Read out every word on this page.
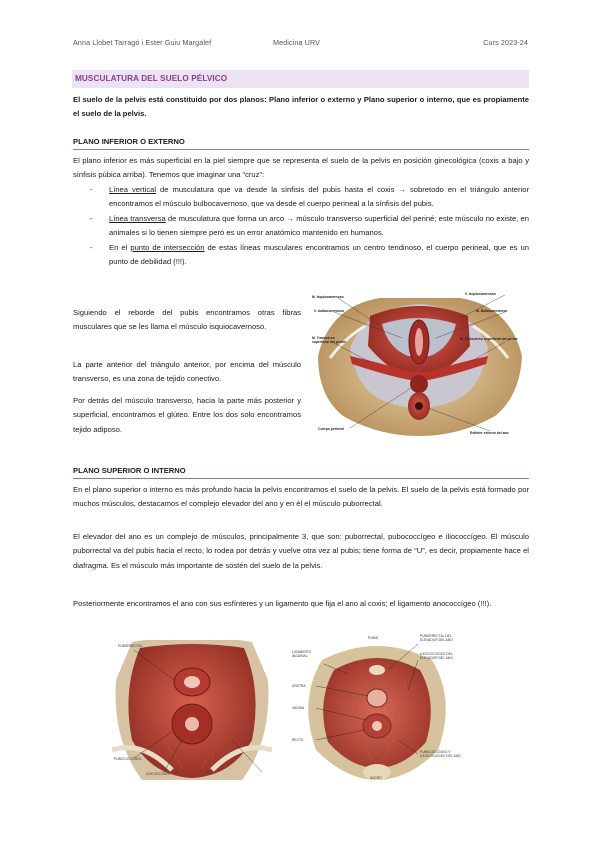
Anna Llobet Tarragó i Ester Guiu Margalef	Medicina URV	Curs 2023-24
MUSCULATURA DEL SUELO PÉLVICO
El suelo de la pelvis está constituido por dos planos: Plano inferior o externo y Plano superior o interno, que es propiamente el suelo de la pelvis.
PLANO INFERIOR O EXTERNO
El plano inferior es más superficial en la piel siempre que se representa el suelo de la pelvis en posición ginecológica (coxis a bajo y sínfisis púbica arriba). Tenemos que imaginar una “cruz”:
- Línea vertical de musculatura que va desde la sínfisis del pubis hasta el coxis → sobretodo en el triángulo anterior encontramos el músculo bulbocavernoso, que va desde el cuerpo perineal a la sínfisis del pubis.
- Línea transversa de musculatura que forma un arco → músculo transverso superficial del periné; este músculo no existe, en animales si lo tienen siempre peró es un error anatómico mantenido en humanos.
- En el punto de intersección de estas líneas musculares encontramos un centro tendinoso, el cuerpo perineal, que es un punto de debilidad (!!!).
Siguiendo el reborde del pubis encontramos otras fibras musculares que se les llama el músculo isquiocavernoso.
La parte anterior del triángulo anterior, por encima del músculo transverso, es una zona de tejido conectivo.
Por detrás del músculo transverso, hacia la parte más posterior y superficial, encontramos el glúteo. Entre los dos solo encontramos tejido adiposo.
M. Isquiocavernoso
V. bulbocavernoso
M. Transverso superficial del periné
V. Isquiocavernoso
M. Bulbocavernoso
M. Transverso superficial del periné
Cuerpo perineal
Esfínter externo del ano
PLANO SUPERIOR O INTERNO
En el plano superior o interno es más profundo hacia la pelvis encontramos el suelo de la pelvis. El suelo de la pelvis está formado por muchos músculos, destacamos el complejo elevador del ano y en él el músculo puborrectal.
El elevador del ano es un complejo de músculos, principalmente 3, que son: puborrectal, pubococcígeo e iliococcígeo. El músculo puborrectal va del pubis hacia el recto, lo rodea por detrás y vuelve otra vez al pubis; tiene forma de “U”, es decir, propiamente hace el diafragma. Es el músculo más importante de sostén del suelo de la pelvis.
Posteriormente encontramos el ano con sus esfínteres y un ligamento que fija el ano al coxis; el ligamento anococcígeo (!!!).
PUBORRECTAL
PUBOCOCCÍGEO
ILIOCOCCÍGEO
PUBIS
LIGAMENTO INGUINAL
URETRA
VAGINA
RECTO
SACRO
PUBORRECTAL DEL ELEVADOR DEL ANO
ILEOCOCCÍGEO DEL ELEVADOR DEL ANO
PUBOCOCCÍGEO Y ILEOCOCCÍGEO DEL ANO
